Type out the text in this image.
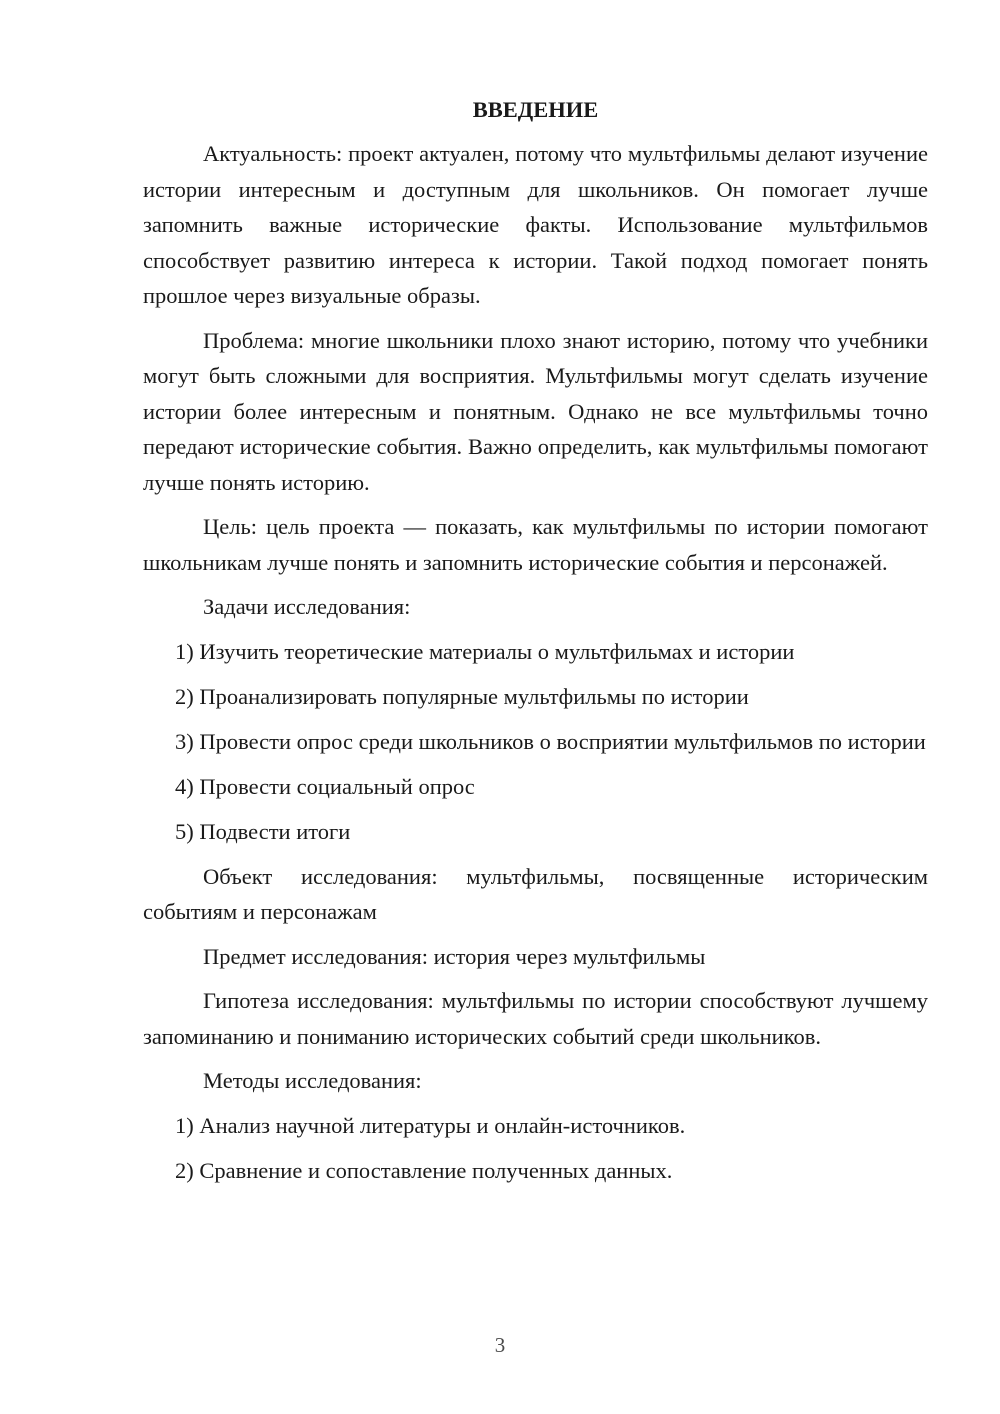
ВВЕДЕНИЕ

Актуальность: проект актуален, потому что мультфильмы делают изучение истории интересным и доступным для школьников. Он помогает лучше запомнить важные исторические факты. Использование мультфильмов способствует развитию интереса к истории. Такой подход помогает понять прошлое через визуальные образы.

Проблема: многие школьники плохо знают историю, потому что учебники могут быть сложными для восприятия. Мультфильмы могут сделать изучение истории более интересным и понятным. Однако не все мультфильмы точно передают исторические события. Важно определить, как мультфильмы помогают лучше понять историю.

Цель: цель проекта — показать, как мультфильмы по истории помогают школьникам лучше понять и запомнить исторические события и персонажей.

Задачи исследования:

1) Изучить теоретические материалы о мультфильмах и истории
2) Проанализировать популярные мультфильмы по истории
3) Провести опрос среди школьников о восприятии мультфильмов по истории
4) Провести социальный опрос
5) Подвести итоги

Объект исследования: мультфильмы, посвященные историческим событиям и персонажам

Предмет исследования: история через мультфильмы

Гипотеза исследования: мультфильмы по истории способствуют лучшему запоминанию и пониманию исторических событий среди школьников.

Методы исследования:

1) Анализ научной литературы и онлайн-источников.
2) Сравнение и сопоставление полученных данных.
3
